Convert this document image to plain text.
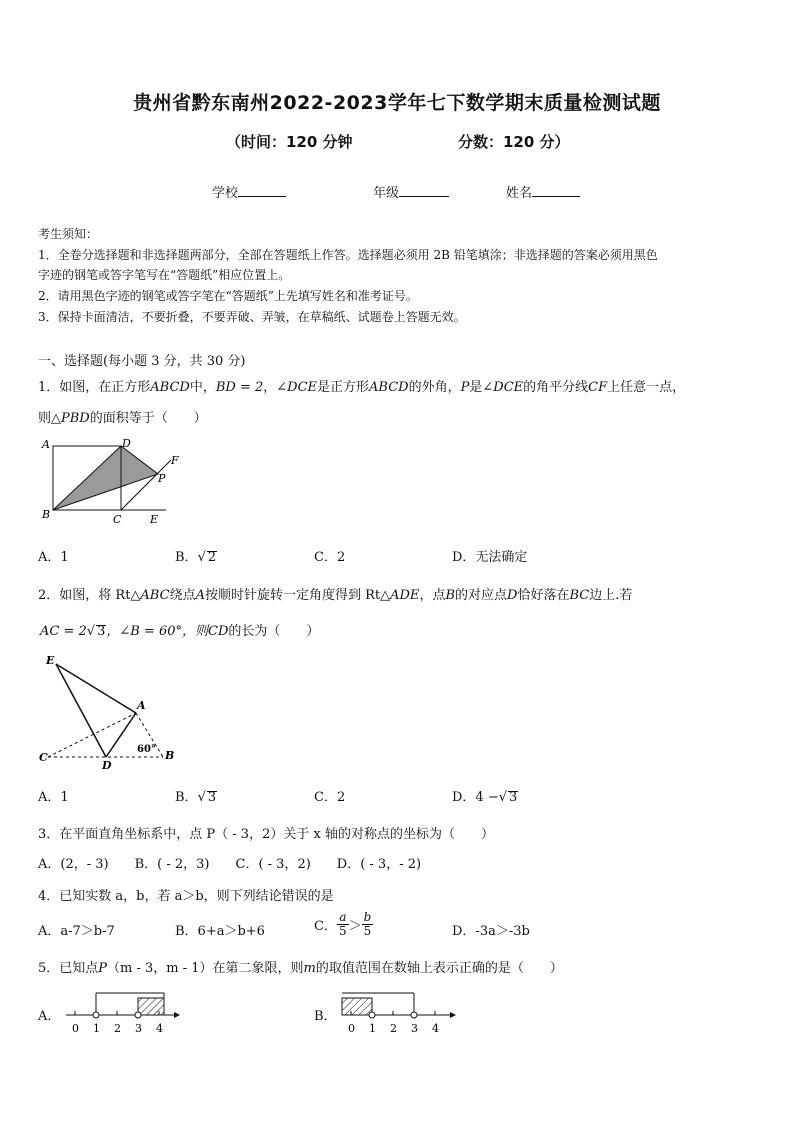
贵州省黔东南州2022-2023学年七下数学期末质量检测试题
（时间：120 分钟	分数：120 分）
学校	年级	姓名
考生须知：
1．全卷分选择题和非选择题两部分，全部在答题纸上作答。选择题必须用 2B 铅笔填涂；非选择题的答案必须用黑色
字迹的钢笔或答字笔写在“答题纸”相应位置上。
2．请用黑色字迹的钢笔或答字笔在“答题纸”上先填写姓名和准考证号。
3．保持卡面清洁，不要折叠，不要弄破、弄皱，在草稿纸、试题卷上答题无效。
一、选择题(每小题 3 分，共 30 分)
1．如图，在正方形ABCD中，BD = 2，∠DCE是正方形ABCD的外角，P是∠DCE的角平分线CF上任意一点，
则△PBD的面积等于（　　）
A	D
F
P
B	C	E
A．1	B．√ 2	C．2	D．无法确定
2．如图，将 Rt△ABC绕点A按顺时针旋转一定角度得到 Rt△ADE，点B的对应点D恰好落在BC边上.若
AC = 2√ 3，∠B = 60°，则CD的长为（　　）
E
A
C
D
B
60°
A．1	B．√ 3	C．2	D．4 −√ 3
3．在平面直角坐标系中，点 P（ - 3，2）关于 x 轴的对称点的坐标为（　　）
A．(2，- 3)　　B．( - 2，3)　　C．( - 3，2)　　D．( - 3，- 2)
4．已知实数 a，b，若 a＞b，则下列结论错误的是
A．a-7＞b-7	B．6+a＞b+6	C． $\frac{a}{5} > \frac{b}{5}$	D．-3a＞-3b
5．已知点P（m - 3，m - 1）在第二象限，则m的取值范围在数轴上表示正确的是（　　）
A．
0 1 2 3 4
B．
0 1 2 3 4
